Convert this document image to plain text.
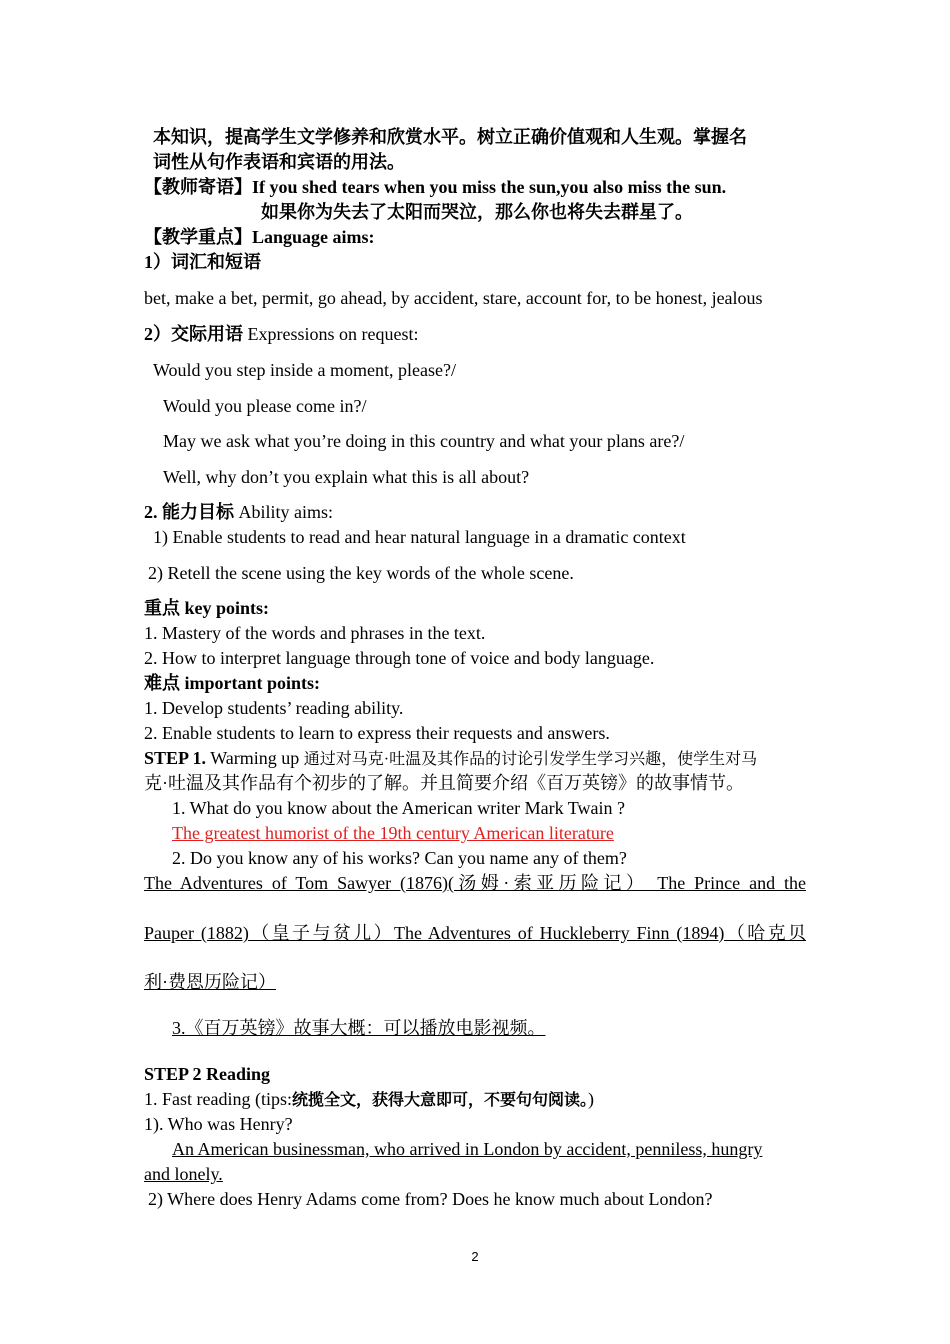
本知识，提高学生文学修养和欣赏水平。树立正确价值观和人生观。掌握名
词性从句作表语和宾语的用法。
【教师寄语】If you shed tears when you miss the sun,you also miss the sun.
如果你为失去了太阳而哭泣，那么你也将失去群星了。
【教学重点】Language aims:
1）词汇和短语
bet, make a bet, permit, go ahead, by accident, stare, account for, to be honest, jealous
2）交际用语 Expressions on request:
Would you step inside a moment, please?/
Would you please come in?/
May we ask what you’re doing in this country and what your plans are?/
Well, why don’t you explain what this is all about?
2. 能力目标 Ability aims:
1) Enable students to read and hear natural language in a dramatic context
2) Retell the scene using the key words of the whole scene.
重点 key points:
1. Mastery of the words and phrases in the text.
2. How to interpret language through tone of voice and body language.
难点 important points:
1. Develop students’ reading ability.
2. Enable students to learn to express their requests and answers.
STEP 1. Warming up 通过对马克·吐温及其作品的讨论引发学生学习兴趣，使学生对马
克·吐温及其作品有个初步的了解。并且简要介绍《百万英镑》的故事情节。
1. What do you know about the American writer Mark Twain ?
The greatest humorist of the 19th century American literature
2. Do you know any of his works? Can you name any of them?
The Adventures of Tom Sawyer (1876)(汤姆·索亚历险记） The Prince and the
Pauper (1882)（皇子与贫儿）The Adventures of Huckleberry Finn (1894)（哈克贝
利·费恩历险记）
3.《百万英镑》故事大概：可以播放电影视频。
STEP 2 Reading
1. Fast reading (tips:统揽全文，获得大意即可，不要句句阅读。)
1). Who was Henry?
An American businessman, who arrived in London by accident, penniless, hungry
and lonely.
2) Where does Henry Adams come from? Does he know much about London?
2
